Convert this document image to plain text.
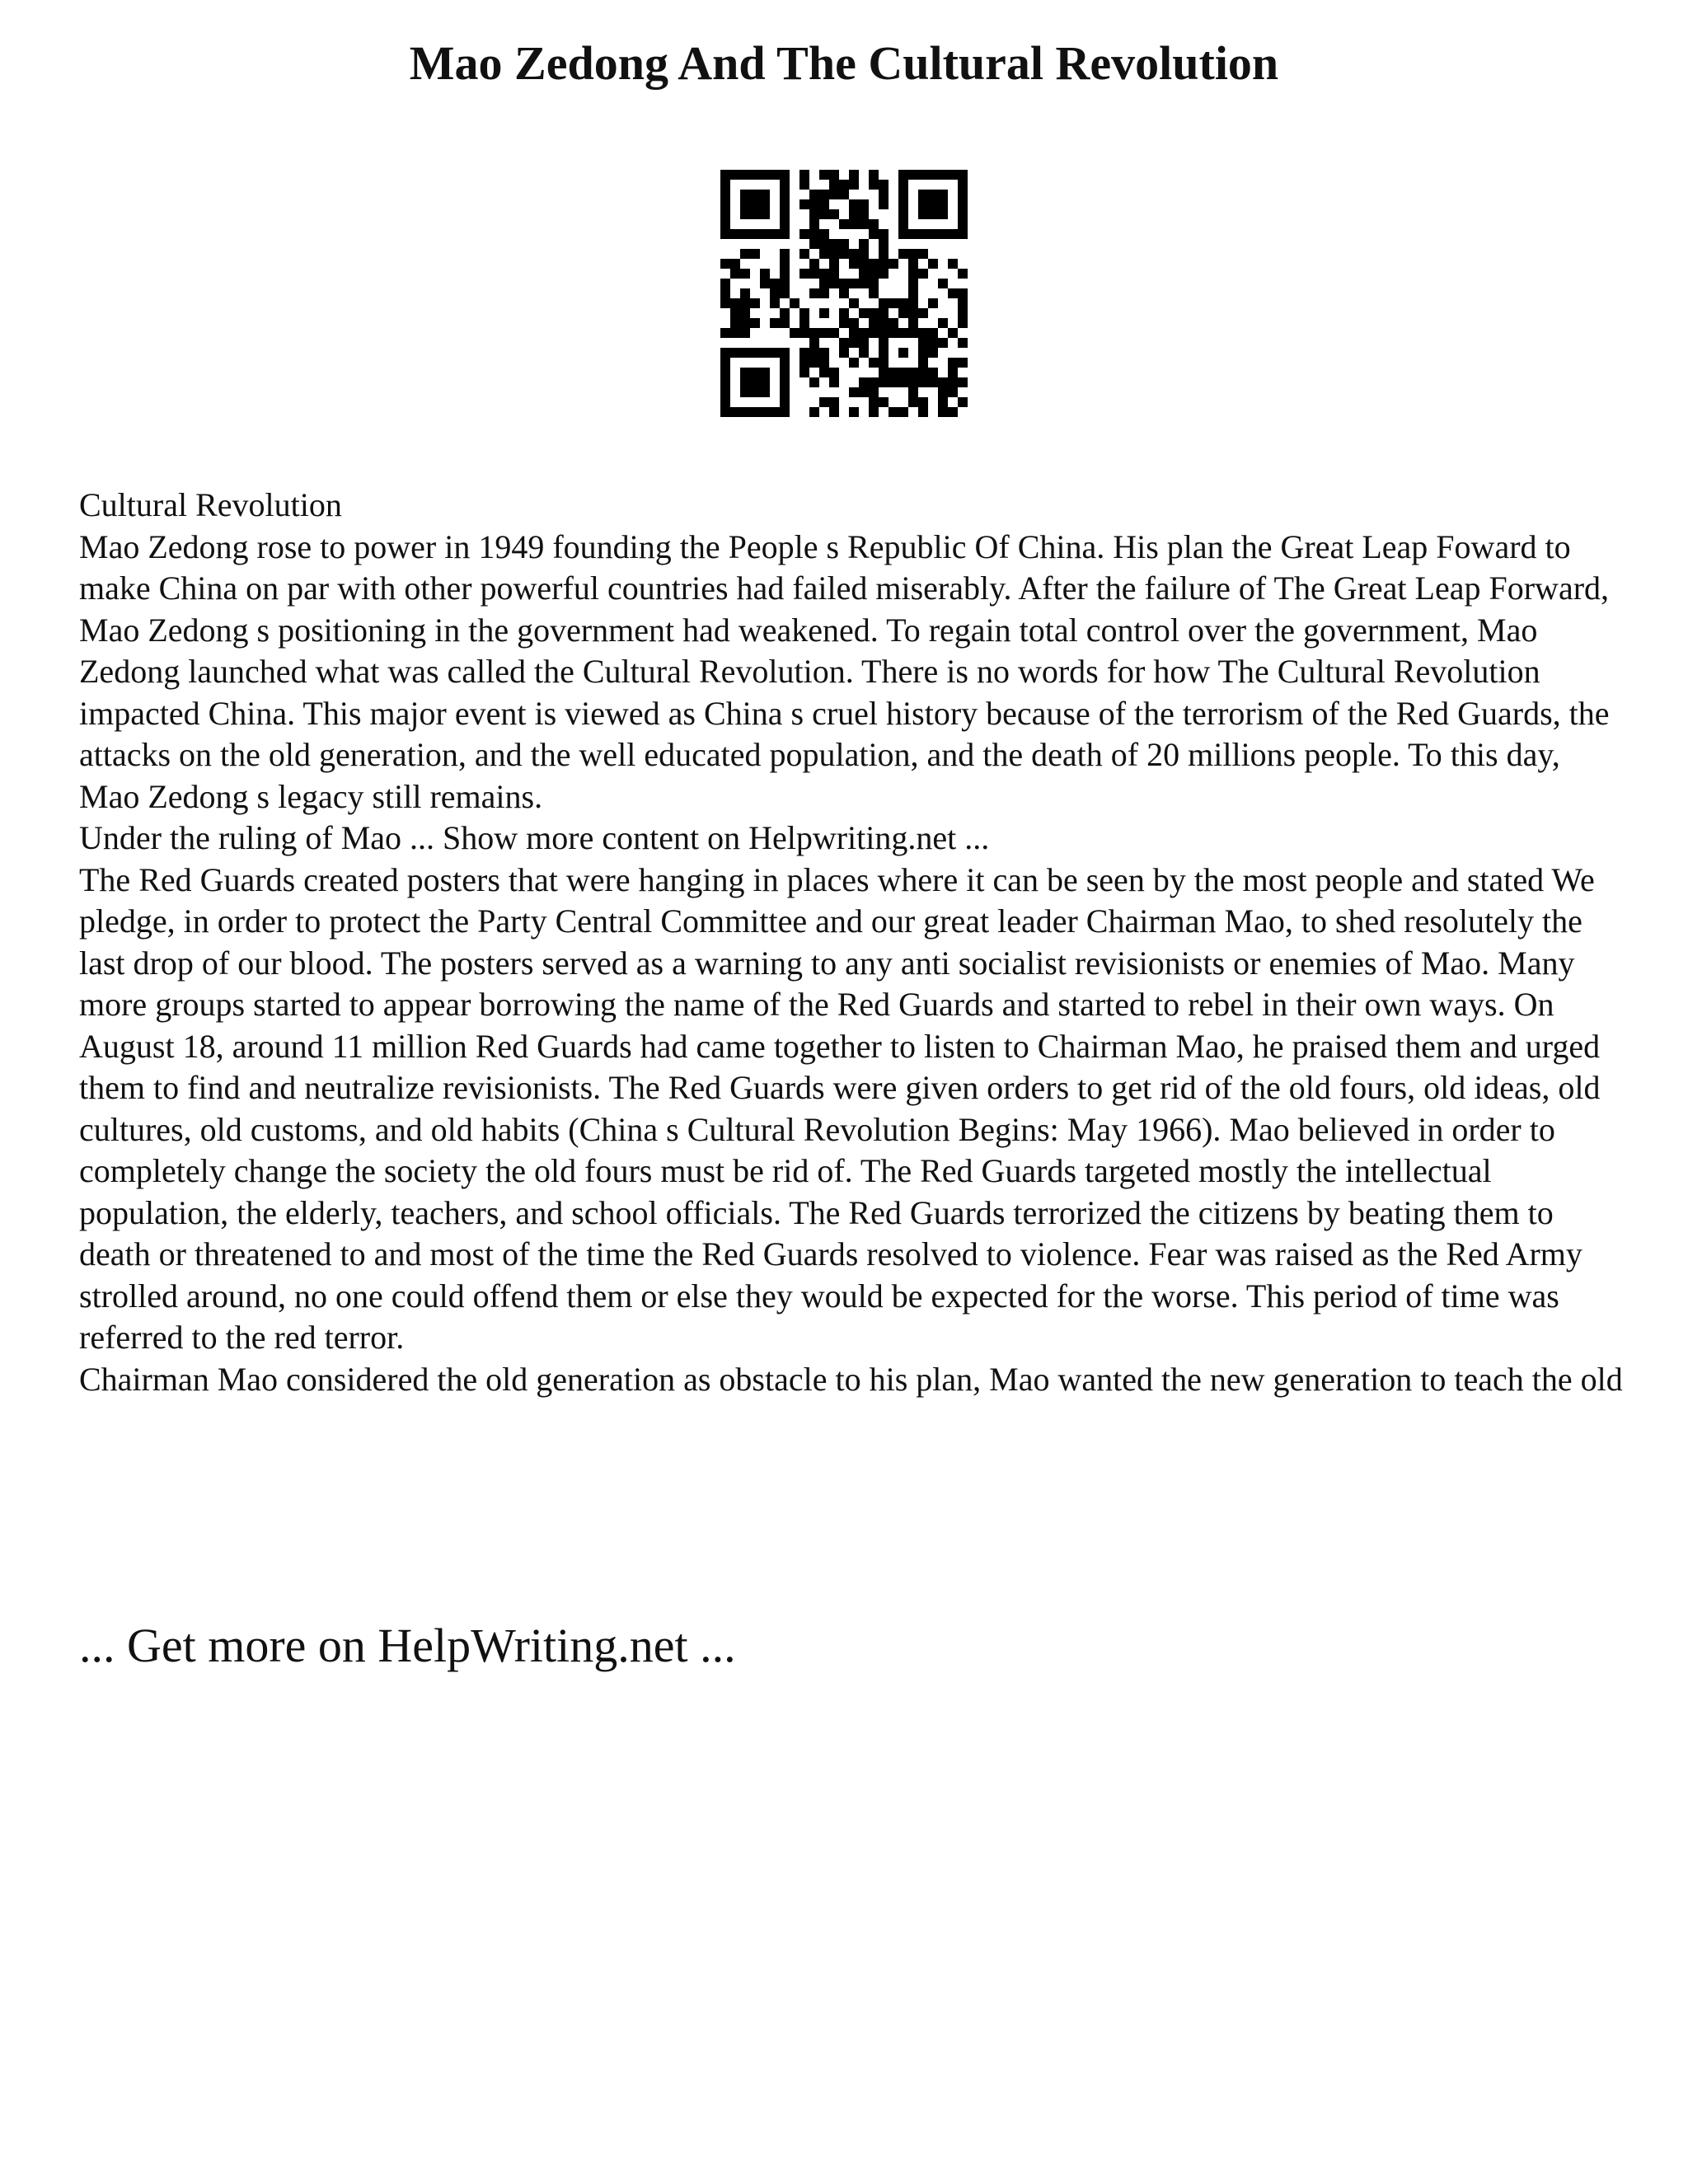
Mao Zedong And The Cultural Revolution

Cultural Revolution

Mao Zedong rose to power in 1949 founding the People s Republic Of China. His plan the Great Leap Foward to make China on par with other powerful countries had failed miserably. After the failure of The Great Leap Forward, Mao Zedong s positioning in the government had weakened. To regain total control over the government, Mao Zedong launched what was called the Cultural Revolution. There is no words for how The Cultural Revolution impacted China. This major event is viewed as China s cruel history because of the terrorism of the Red Guards, the attacks on the old generation, and the well educated population, and the death of 20 millions people. To this day, Mao Zedong s legacy still remains.

Under the ruling of Mao ... Show more content on Helpwriting.net ...

The Red Guards created posters that were hanging in places where it can be seen by the most people and stated We pledge, in order to protect the Party Central Committee and our great leader Chairman Mao, to shed resolutely the last drop of our blood. The posters served as a warning to any anti socialist revisionists or enemies of Mao. Many more groups started to appear borrowing the name of the Red Guards and started to rebel in their own ways. On August 18, around 11 million Red Guards had came together to listen to Chairman Mao, he praised them and urged them to find and neutralize revisionists. The Red Guards were given orders to get rid of the old fours, old ideas, old cultures, old customs, and old habits (China s Cultural Revolution Begins: May 1966). Mao believed in order to completely change the society the old fours must be rid of. The Red Guards targeted mostly the intellectual population, the elderly, teachers, and school officials. The Red Guards terrorized the citizens by beating them to death or threatened to and most of the time the Red Guards resolved to violence. Fear was raised as the Red Army strolled around, no one could offend them or else they would be expected for the worse. This period of time was referred to the red terror.

Chairman Mao considered the old generation as obstacle to his plan, Mao wanted the new generation to teach the old

... Get more on HelpWriting.net ...
